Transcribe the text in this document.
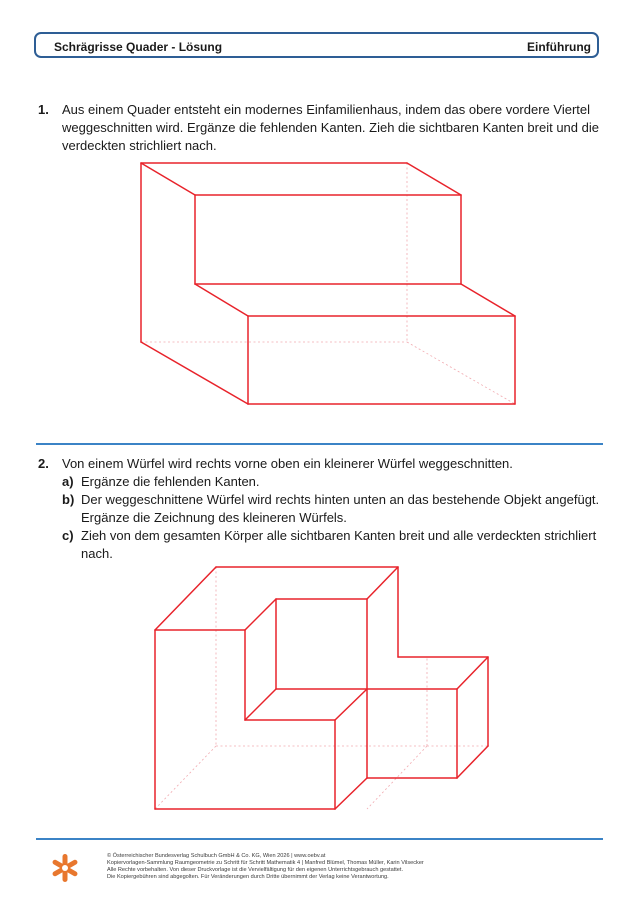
Schrägrisse Quader - Lösung	Einführung
1. Aus einem Quader entsteht ein modernes Einfamilienhaus, indem das obere vordere Viertel
weggeschnitten wird. Ergänze die fehlenden Kanten. Zieh die sichtbaren Kanten breit und die
verdeckten strichliert nach.
2. Von einem Würfel wird rechts vorne oben ein kleinerer Würfel weggeschnitten.
a) Ergänze die fehlenden Kanten.
b) Der weggeschnittene Würfel wird rechts hinten unten an das bestehende Objekt angefügt.
Ergänze die Zeichnung des kleineren Würfels.
c) Zieh von dem gesamten Körper alle sichtbaren Kanten breit und alle verdeckten strichliert
nach.
© Österreichischer Bundesverlag Schulbuch GmbH & Co. KG, Wien 2026 | www.oebv.at
Kopiervorlagen-Sammlung Raumgeometrie zu Schritt für Schritt Mathematik 4 | Manfred Blümel, Thomas Müller, Karin Vilsecker
Alle Rechte vorbehalten. Von dieser Druckvorlage ist die Vervielfältigung für den eigenen Unterrichtsgebrauch gestattet.
Die Kopiergebühren sind abgegolten. Für Veränderungen durch Dritte übernimmt der Verlag keine Verantwortung.
